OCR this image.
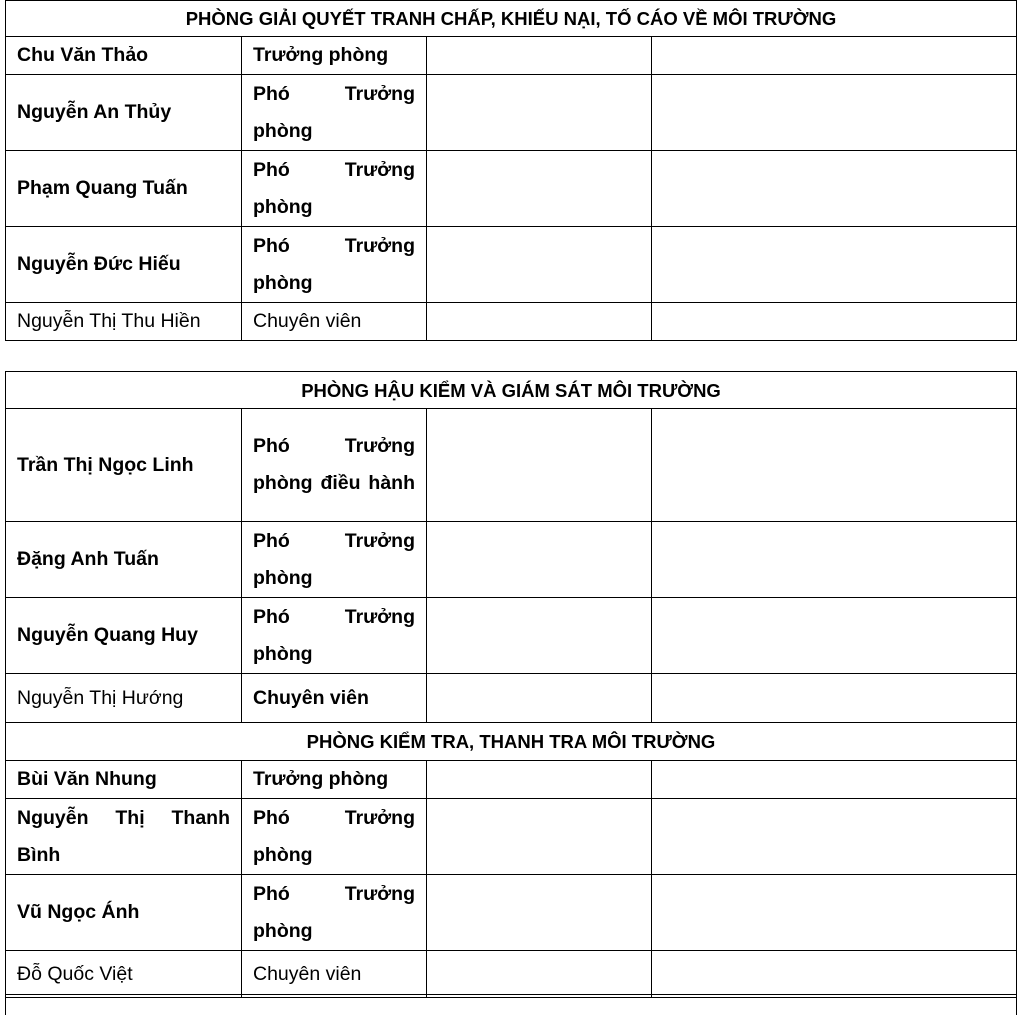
PHÒNG GIẢI QUYẾT TRANH CHẤP, KHIẾU NẠI, TỐ CÁO VỀ MÔI TRƯỜNG			
Chu Văn Thảo	Trưởng phòng		
Nguyễn An Thủy	Phó Trưởng phòng		
Phạm Quang Tuấn	Phó Trưởng phòng		
Nguyễn Đức Hiếu	Phó Trưởng phòng		
Nguyễn Thị Thu Hiền	Chuyên viên		
PHÒNG HẬU KIỂM VÀ GIÁM SÁT MÔI TRƯỜNG			
Trần Thị Ngọc Linh	Phó Trưởng phòng điều hành		
Đặng Anh Tuấn	Phó Trưởng phòng		
Nguyễn Quang Huy	Phó Trưởng phòng		
Nguyễn Thị Hướng	Chuyên viên		
PHÒNG KIỂM TRA, THANH TRA MÔI TRƯỜNG			
Bùi Văn Nhung	Trưởng phòng		
Nguyễn Thị Thanh Bình	Phó Trưởng phòng		
Vũ Ngọc Ánh	Phó Trưởng phòng		
Đỗ Quốc Việt	Chuyên viên		
